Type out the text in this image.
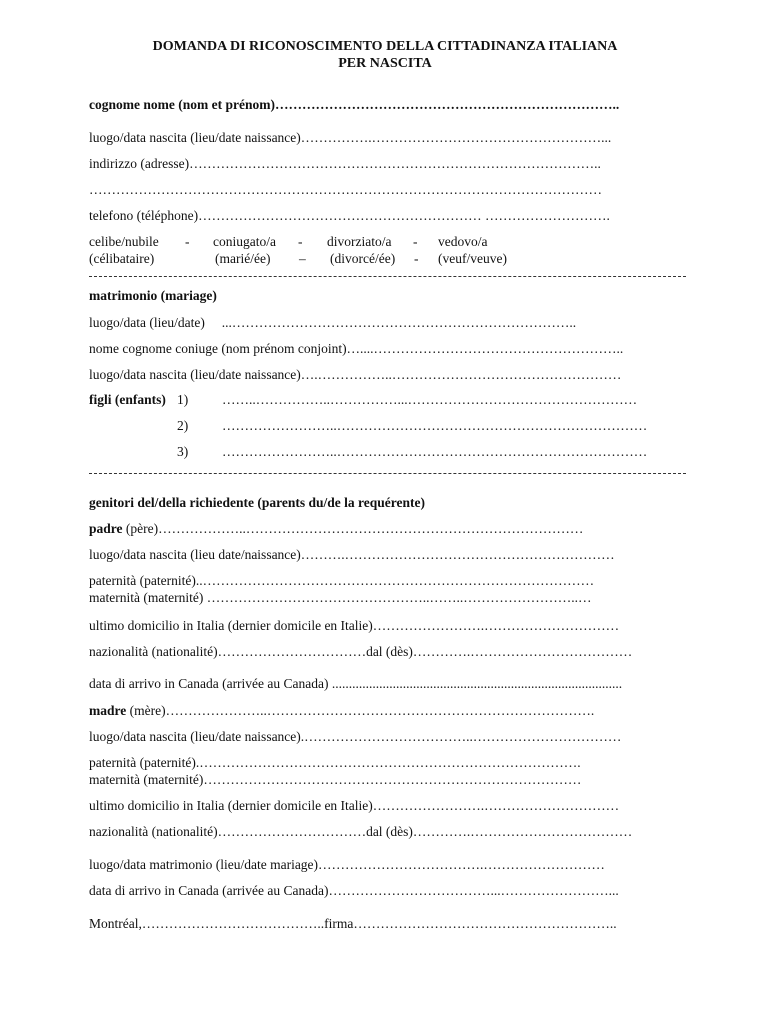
DOMANDA DI RICONOSCIMENTO DELLA CITTADINANZA ITALIANA
PER NASCITA
cognome nome (nom et prénom)…………………………………………………………………..
luogo/data nascita (lieu/date naissance)…………….……………………………………………...
indirizzo (adresse)………………………………………………………………………………..
……………………………………………………………………………………………………
telefono (téléphone)……………………………………………………… ……………………….
celibe/nubile - coniugato/a - divorziato/a - vedovo/a
(célibataire)	(marié/ée) – (divorcé/ée) - (veuf/veuve)
matrimonio (mariage)
luogo/data (lieu/date)     ...…………………………………………………………………..
nome cognome coniuge (nom prénom conjoint)…....………………………………………………..
luogo/data nascita (lieu/date naissance)….……………..……………………………………………
figli (enfants) 1)	……..……………..……………...……………………………………………
2)	……………………..……………………………………………………………
3)	……………………..……………………………………………………………
genitori del/della richiedente (parents du/de la requérente)
padre (père)………………..…………………………………………………………………
luogo/data nascita (lieu date/naissance)……….……………………………………………………
paternità (paternité)..……………………………………………………………………………
maternità (maternité) …………………………………………..……..……………………..…
ultimo domicilio in Italia (dernier domicile en Italie)…………………….…………………………
nazionalità (nationalité)……………………………dal (dès)………….………………………………
data di arrivo in Canada (arrivée au Canada) ......................................................................................
madre (mère)…………………..……………………………………………………………….
luogo/data nascita (lieu/date naissance).………………………………..……………………………
paternità (paternité).………………………………………………………………………….
maternità (maternité)…………………………………………………………………………
ultimo domicilio in Italia (dernier domicile en Italie)…………………….…………………………
nazionalità (nationalité)……………………………dal (dès)………….………………………………
luogo/data matrimonio (lieu/date mariage)……………………………….………………………
data di arrivo in Canada (arrivée au Canada)………………………………...……………………...
Montréal,…………………………………..firma…………………………………………………..
